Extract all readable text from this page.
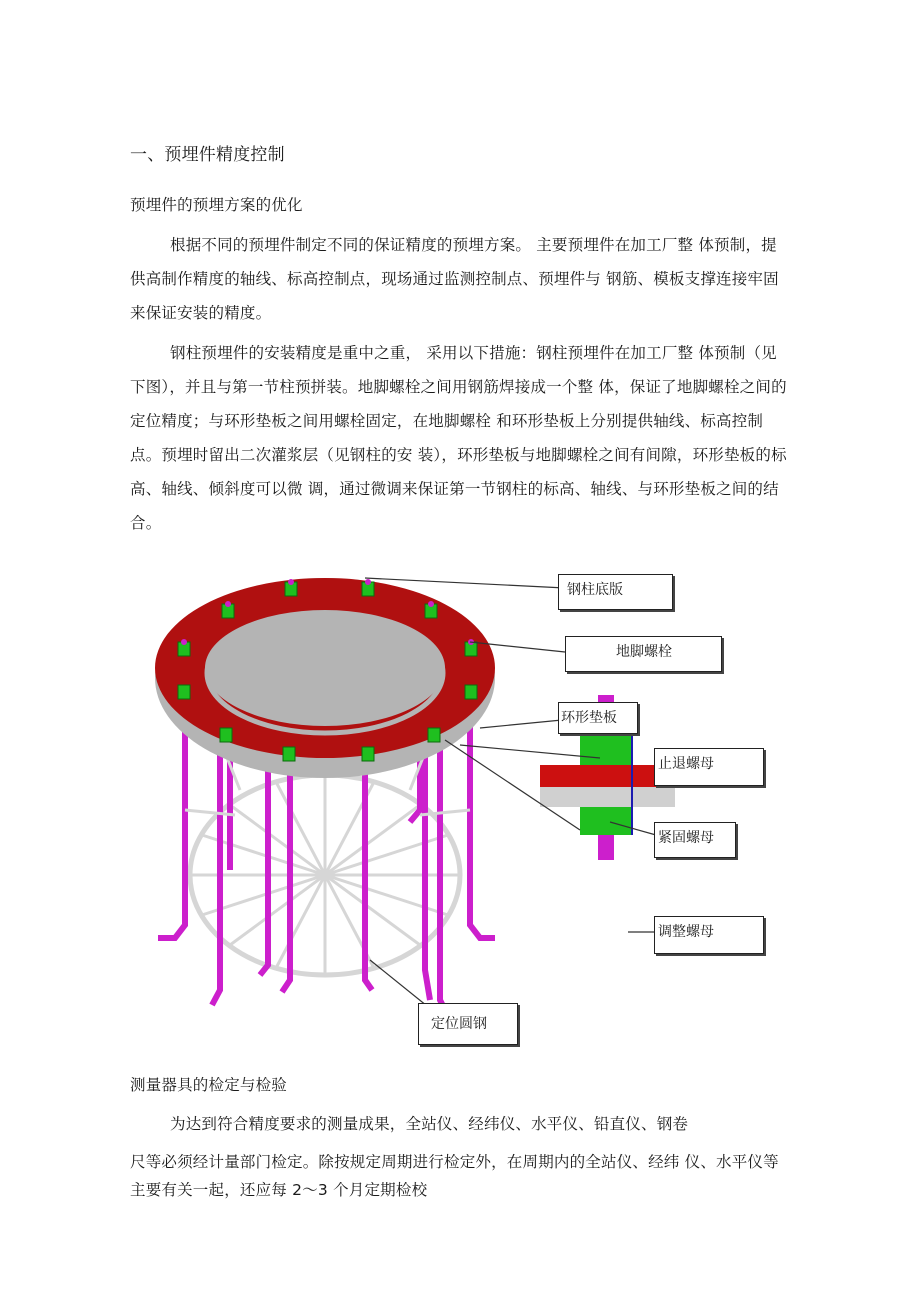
一、预埋件精度控制
预埋件的预埋方案的优化
根据不同的预埋件制定不同的保证精度的预埋方案。 主要预埋件在加工厂整 体预制，提供高制作精度的轴线、标高控制点，现场通过监测控制点、预埋件与 钢筋、模板支撑连接牢固来保证安装的精度。
钢柱预埋件的安装精度是重中之重， 采用以下措施：钢柱预埋件在加工厂整 体预制（见下图），并且与第一节柱预拼装。地脚螺栓之间用钢筋焊接成一个整 体，保证了地脚螺栓之间的定位精度；与环形垫板之间用螺栓固定，在地脚螺栓 和环形垫板上分别提供轴线、标高控制点。预埋时留出二次灌浆层（见钢柱的安 装），环形垫板与地脚螺栓之间有间隙，环形垫板的标高、轴线、倾斜度可以微 调，通过微调来保证第一节钢柱的标高、轴线、与环形垫板之间的结合。
钢柱底版
地脚螺栓
环形垫板
止退螺母
紧固螺母
调整螺母
定位圆钢
测量器具的检定与检验
为达到符合精度要求的测量成果，全站仪、经纬仪、水平仪、铅直仪、钢卷
尺等必须经计量部门检定。除按规定周期进行检定外，在周期内的全站仪、经纬 仪、水平仪等主要有关一起，还应每 2～3 个月定期检校
